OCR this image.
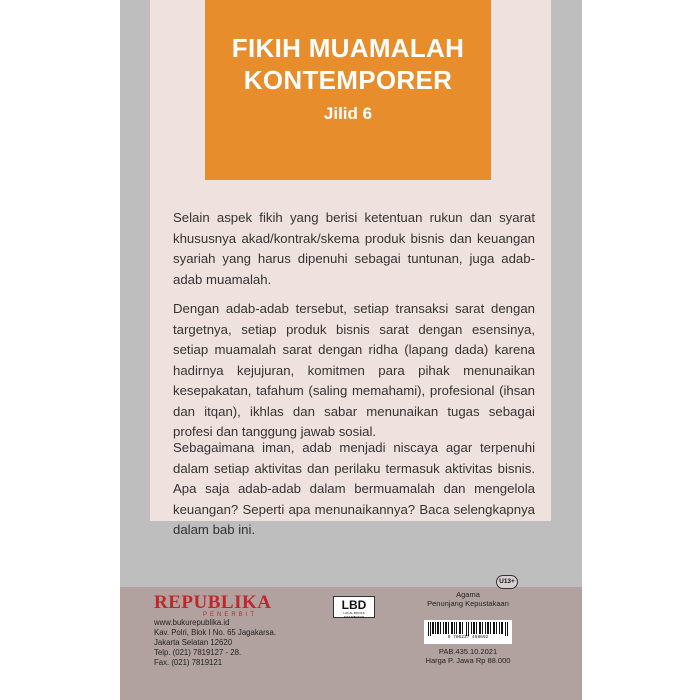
FIKIH MUAMALAH
KONTEMPORER
Jilid 6
Selain aspek fikih yang berisi ketentuan rukun dan syarat khususnya akad/kontrak/skema produk bisnis dan keuangan syariah yang harus dipenuhi sebagai tuntunan, juga adab-adab muamalah.
Dengan adab-adab tersebut, setiap transaksi sarat dengan targetnya, setiap produk bisnis sarat dengan esensinya, setiap muamalah sarat dengan ridha (lapang dada) karena hadirnya kejujuran, komitmen para pihak menunaikan kesepakatan, tafahum (saling memahami), profesional (ihsan dan itqan), ikhlas dan sabar menunaikan tugas sebagai profesi dan tanggung jawab sosial.
Sebagaimana iman, adab menjadi niscaya agar terpenuhi dalam setiap aktivitas dan perilaku termasuk aktivitas bisnis. Apa saja adab-adab dalam bermuamalah dan mengelola keuangan? Seperti apa menunaikannya? Baca selengkapnya dalam bab ini.
REPUBLIKA
PENERBIT
www.bukurepublika.id
Kav. Polri, Blok I No. 65 Jagakarsa.
Jakarta Selatan 12620
Telp. (021) 7819127 - 28.
Fax. (021) 7819121
LBD
LOCAL BOOKS DISTRIBUTOR
U13+
Agama
Penunjang Kepustakaan
9 786237 458692
PAB.435.10.2021
Harga P. Jawa Rp 88.000
